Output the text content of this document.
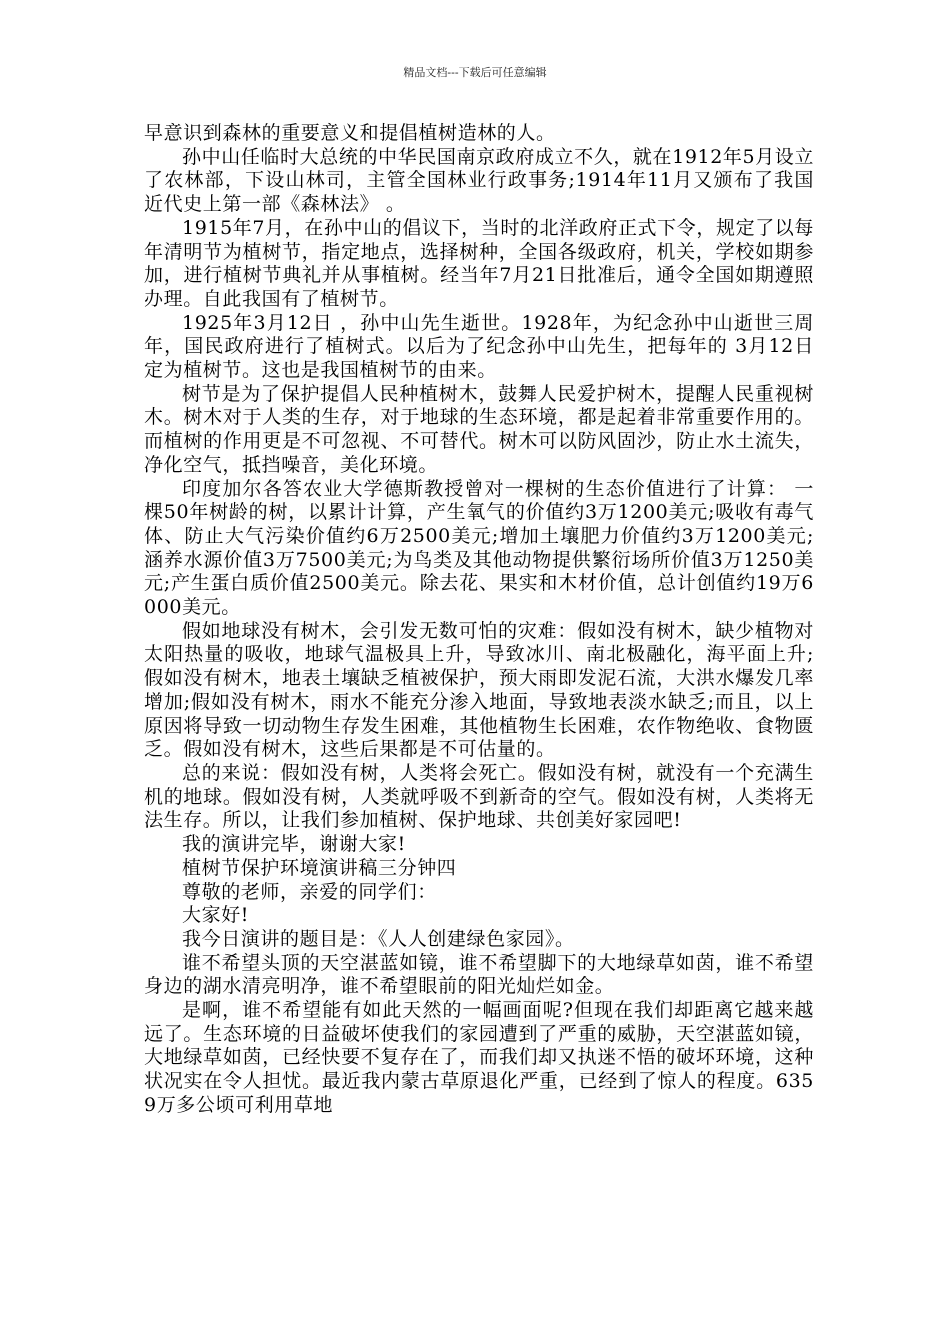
精品文档---下载后可任意编辑

早意识到森林的重要意义和提倡植树造林的人。

孙中山任临时大总统的中华民国南京政府成立不久，就在1912年5月设立了农林部，下设山林司，主管全国林业行政事务;1914年11月又颁布了我国近代史上第一部《森林法》 。

1915年7月，在孙中山的倡议下，当时的北洋政府正式下令，规定了以每年清明节为植树节，指定地点，选择树种，全国各级政府，机关，学校如期参加，进行植树节典礼并从事植树。经当年7月21日批准后，通令全国如期遵照办理。自此我国有了植树节。

1925年3月12日 ，孙中山先生逝世。1928年，为纪念孙中山逝世三周年，国民政府进行了植树式。以后为了纪念孙中山先生，把每年的 3月12日 定为植树节。这也是我国植树节的由来。

树节是为了保护提倡人民种植树木，鼓舞人民爱护树木，提醒人民重视树木。树木对于人类的生存，对于地球的生态环境，都是起着非常重要作用的。而植树的作用更是不可忽视、不可替代。树木可以防风固沙，防止水土流失，净化空气，抵挡噪音，美化环境。

印度加尔各答农业大学德斯教授曾对一棵树的生态价值进行了计算： 一棵50年树龄的树，以累计计算，产生氧气的价值约3万1200美元;吸收有毒气体、防止大气污染价值约6万2500美元;增加土壤肥力价值约3万1200美元;涵养水源价值3万7500美元;为鸟类及其他动物提供繁衍场所价值3万1250美元;产生蛋白质价值2500美元。除去花、果实和木材价值，总计创值约19万6000美元。

假如地球没有树木，会引发无数可怕的灾难：假如没有树木，缺少植物对太阳热量的吸收，地球气温极具上升，导致冰川、南北极融化，海平面上升;假如没有树木，地表土壤缺乏植被保护，预大雨即发泥石流，大洪水爆发几率增加;假如没有树木，雨水不能充分渗入地面，导致地表淡水缺乏;而且，以上原因将导致一切动物生存发生困难，其他植物生长困难，农作物绝收、食物匮乏。假如没有树木，这些后果都是不可估量的。

总的来说：假如没有树，人类将会死亡。假如没有树，就没有一个充满生机的地球。假如没有树，人类就呼吸不到新奇的空气。假如没有树，人类将无法生存。所以，让我们参加植树、保护地球、共创美好家园吧!

我的演讲完毕，谢谢大家!

植树节保护环境演讲稿三分钟四

尊敬的老师，亲爱的同学们：

大家好!

我今日演讲的题目是：《人人创建绿色家园》。

谁不希望头顶的天空湛蓝如镜，谁不希望脚下的大地绿草如茵，谁不希望身边的湖水清亮明净，谁不希望眼前的阳光灿烂如金。

是啊，谁不希望能有如此天然的一幅画面呢?但现在我们却距离它越来越远了。生态环境的日益破坏使我们的家园遭到了严重的威胁，天空湛蓝如镜，大地绿草如茵，已经快要不复存在了，而我们却又执迷不悟的破坏环境，这种状况实在令人担忧。最近我内蒙古草原退化严重，已经到了惊人的程度。6359万多公顷可利用草地
